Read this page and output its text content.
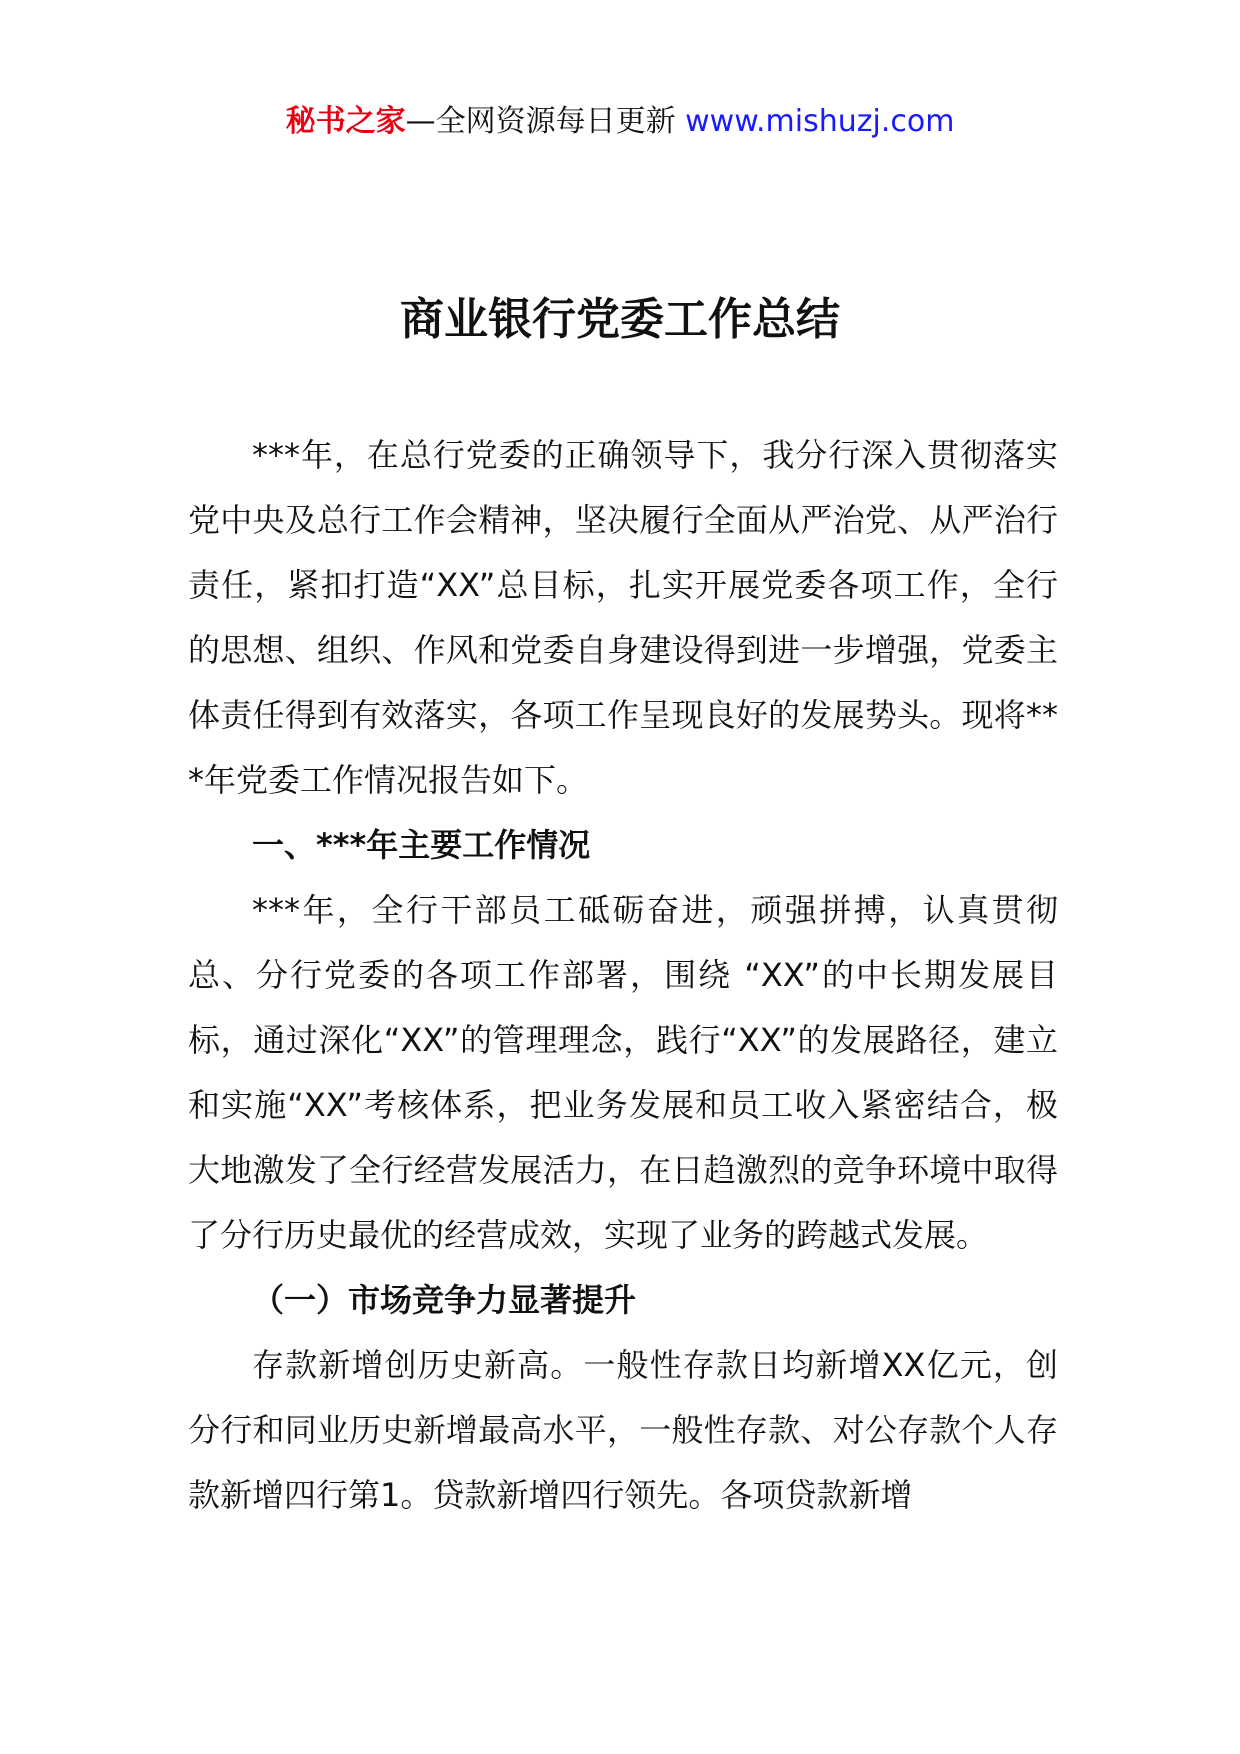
秘书之家—全网资源每日更新 www.mishuzj.com
商业银行党委工作总结

***年，在总行党委的正确领导下，我分行深入贯彻落实党中央及总行工作会精神，坚决履行全面从严治党、从严治行责任，紧扣打造“XX”总目标，扎实开展党委各项工作，全行的思想、组织、作风和党委自身建设得到进一步增强，党委主体责任得到有效落实，各项工作呈现良好的发展势头。现将***年党委工作情况报告如下。

一、***年主要工作情况

***年，全行干部员工砥砺奋进，顽强拼搏，认真贯彻总、分行党委的各项工作部署，围绕 “XX”的中长期发展目标，通过深化“XX”的管理理念，践行“XX”的发展路径，建立和实施“XX”考核体系，把业务发展和员工收入紧密结合，极大地激发了全行经营发展活力，在日趋激烈的竞争环境中取得了分行历史最优的经营成效，实现了业务的跨越式发展。

（一）市场竞争力显著提升

存款新增创历史新高。一般性存款日均新增XX亿元，创分行和同业历史新增最高水平，一般性存款、对公存款个人存款新增四行第1。贷款新增四行领先。各项贷款新增
